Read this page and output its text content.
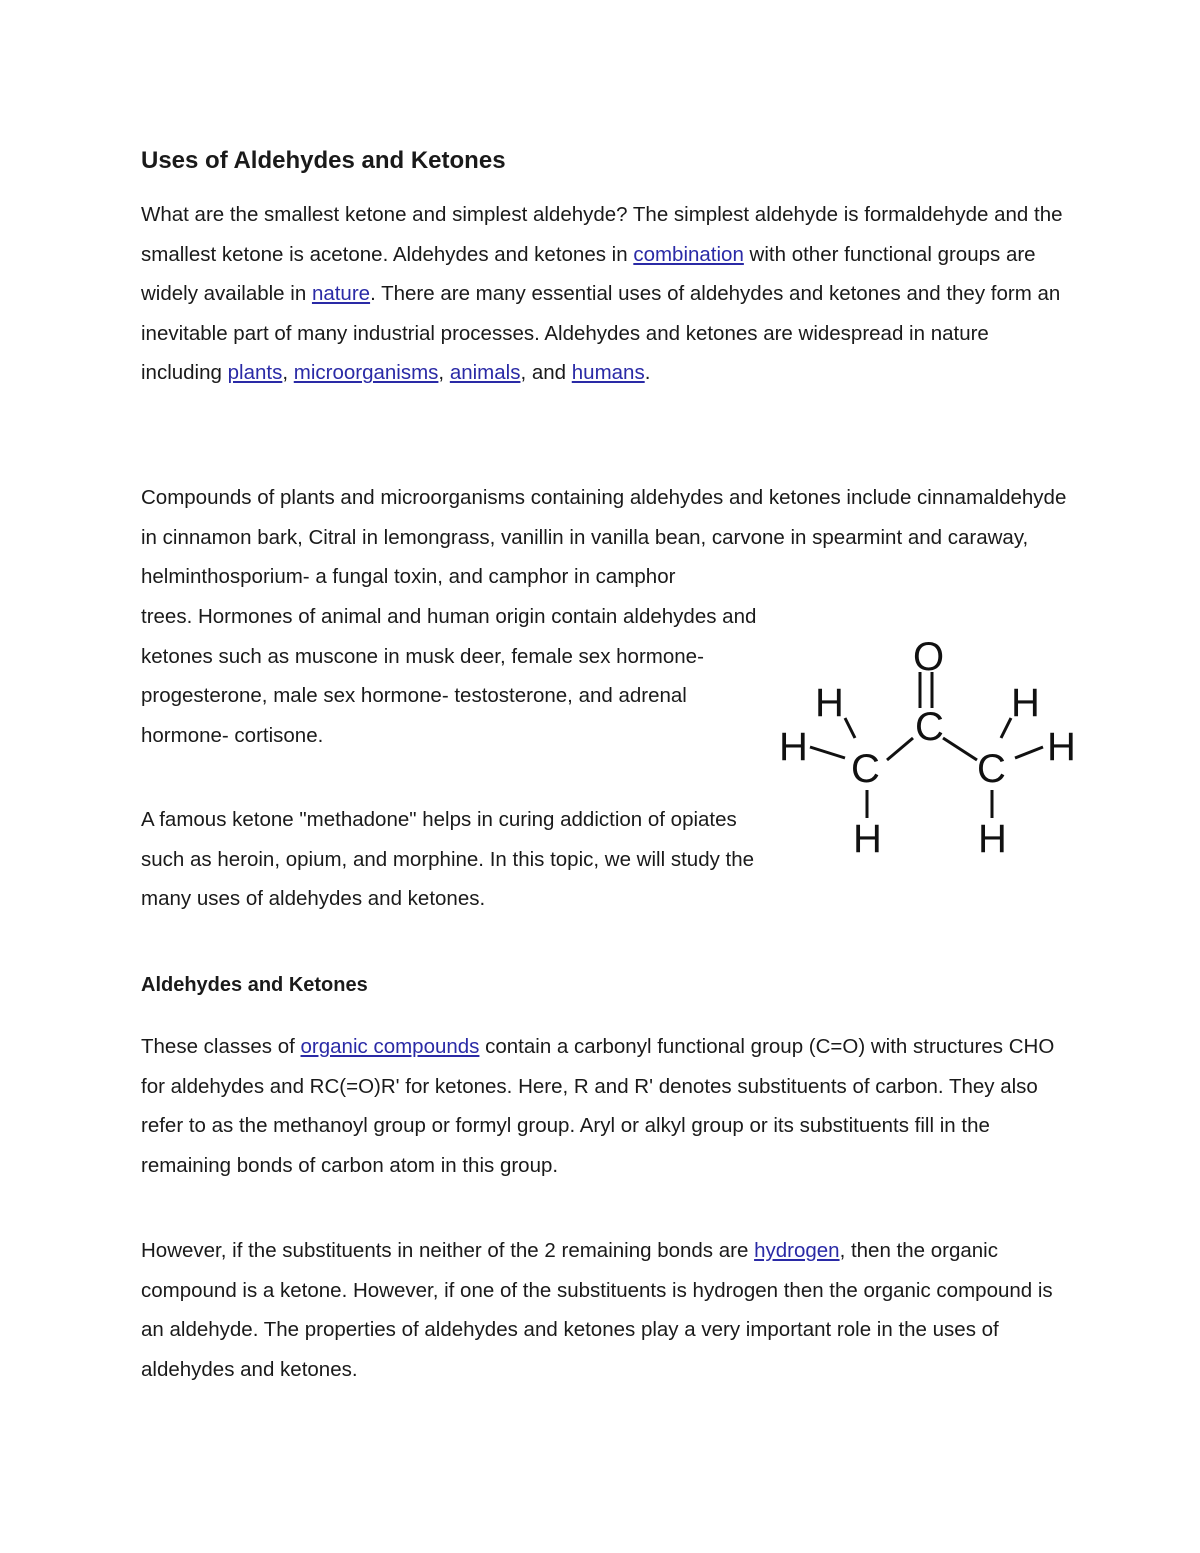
Uses of Aldehydes and Ketones

What are the smallest ketone and simplest aldehyde? The simplest aldehyde is formaldehyde and the smallest ketone is acetone. Aldehydes and ketones in combination with other functional groups are widely available in nature. There are many essential uses of aldehydes and ketones and they form an inevitable part of many industrial processes. Aldehydes and ketones are widespread in nature including plants, microorganisms, animals, and humans.

Compounds of plants and microorganisms containing aldehydes and ketones include cinnamaldehyde in cinnamon bark, Citral in lemongrass, vanillin in vanilla bean, carvone in spearmint and caraway, helminthosporium- a fungal toxin, and camphor in camphor

trees. Hormones of animal and human origin contain aldehydes and ketones such as muscone in musk deer, female sex hormone- progesterone, male sex hormone- testosterone, and adrenal hormone- cortisone.

O
C
C C
H
H
H
H
H
H

A famous ketone "methadone" helps in curing addiction of opiates such as heroin, opium, and morphine. In this topic, we will study the many uses of aldehydes and ketones.

Aldehydes and Ketones

These classes of organic compounds contain a carbonyl functional group (C=O) with structures CHO for aldehydes and RC(=O)R' for ketones. Here, R and R' denotes substituents of carbon. They also refer to as the methanoyl group or formyl group. Aryl or alkyl group or its substituents fill in the remaining bonds of carbon atom in this group.

However, if the substituents in neither of the 2 remaining bonds are hydrogen, then the organic compound is a ketone. However, if one of the substituents is hydrogen then the organic compound is an aldehyde. The properties of aldehydes and ketones play a very important role in the uses of aldehydes and ketones.
